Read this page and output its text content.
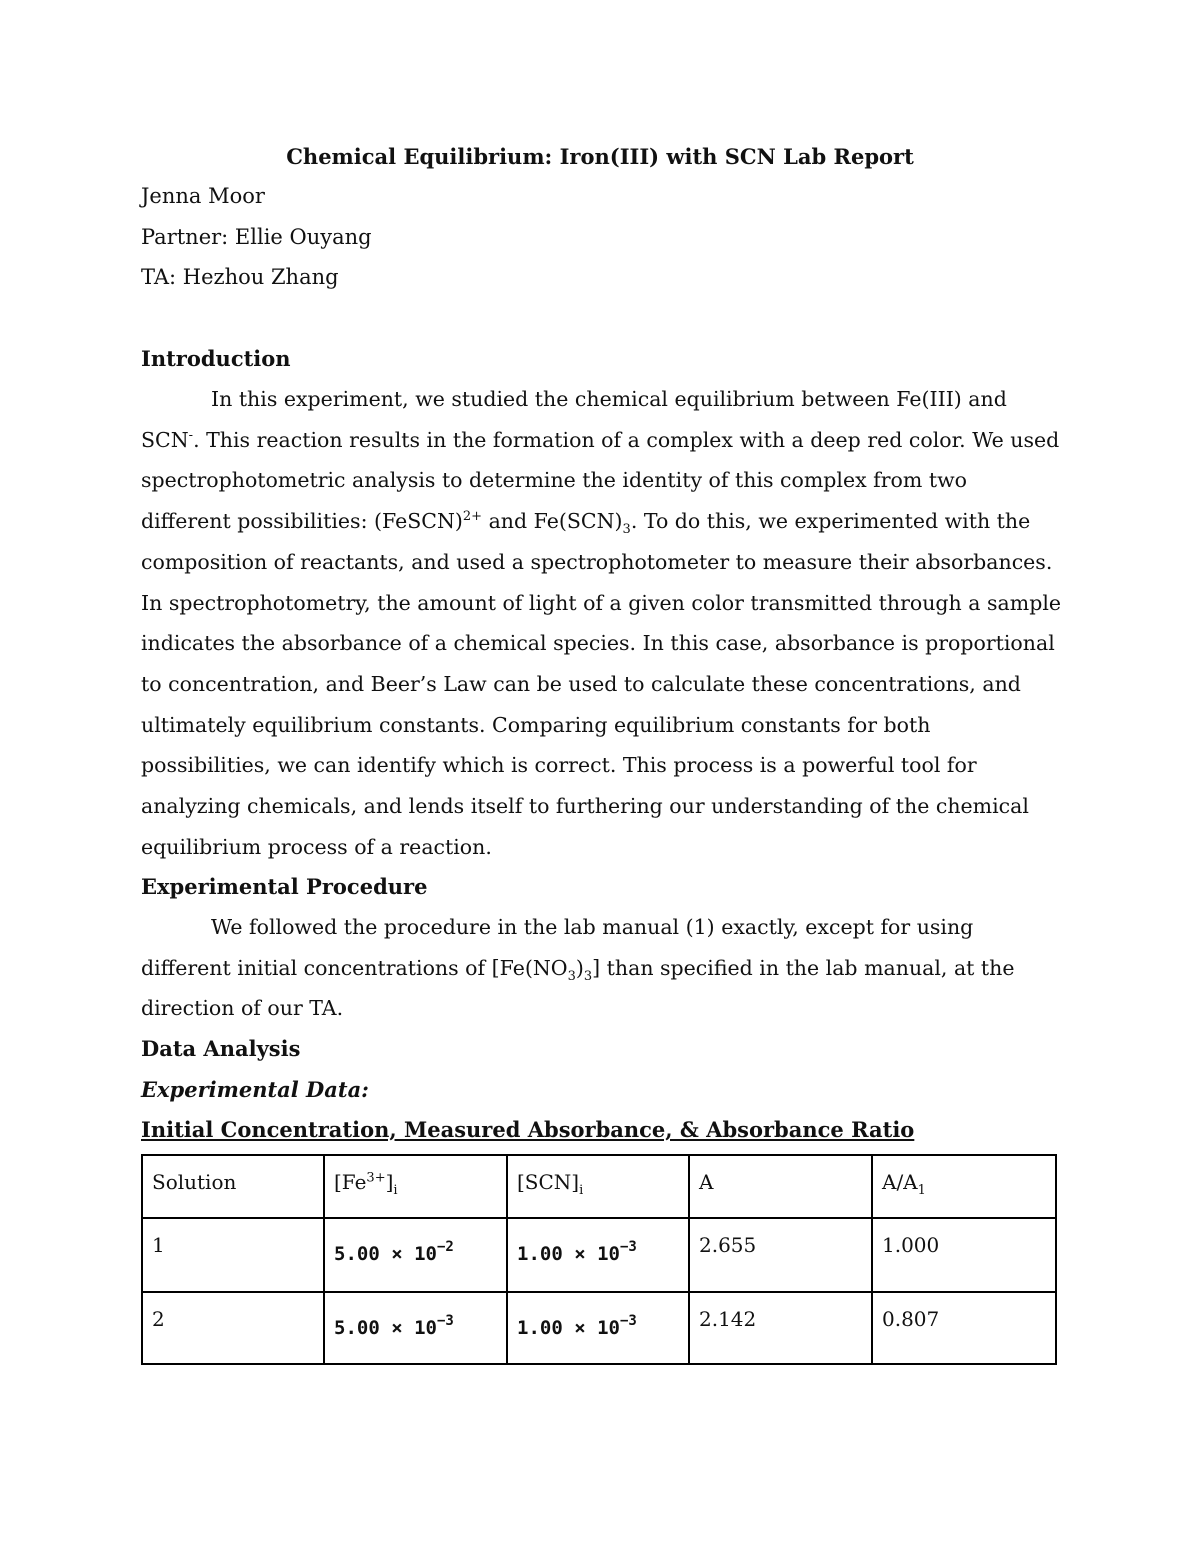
Chemical Equilibrium: Iron(III) with SCN Lab Report
Jenna Moor
Partner: Ellie Ouyang
TA: Hezhou Zhang
Introduction

In this experiment, we studied the chemical equilibrium between Fe(III) and SCN-. This reaction results in the formation of a complex with a deep red color. We used spectrophotometric analysis to determine the identity of this complex from two different possibilities: (FeSCN)$^{2+}$ and $Fe(SCN)_3$. To do this, we experimented with the composition of reactants, and used a spectrophotometer to measure their absorbances. In spectrophotometry, the amount of light of a given color transmitted through a sample indicates the absorbance of a chemical species. In this case, absorbance is proportional to concentration, and Beer’s Law can be used to calculate these concentrations, and ultimately equilibrium constants. Comparing equilibrium constants for both possibilities, we can identify which is correct. This process is a powerful tool for analyzing chemicals, and lends itself to furthering our understanding of the chemical equilibrium process of a reaction.

Experimental Procedure

We followed the procedure in the lab manual (1) exactly, except for using different initial concentrations of $[Fe(NO_3)_3]$ than specified in the lab manual, at the direction of our TA.

Data Analysis
Experimental Data:
Initial Concentration, Measured Absorbance, & Absorbance Ratio
Solution	$[Fe^{3+}]_i$	$[SCN]_i$	A	$A/A_1$
1	$5.00 \times 10^{-2}$	$1.00 \times 10^{-3}$	2.655	1.000
2	$5.00 \times 10^{-3}$	$1.00 \times 10^{-3}$	2.142	0.807
